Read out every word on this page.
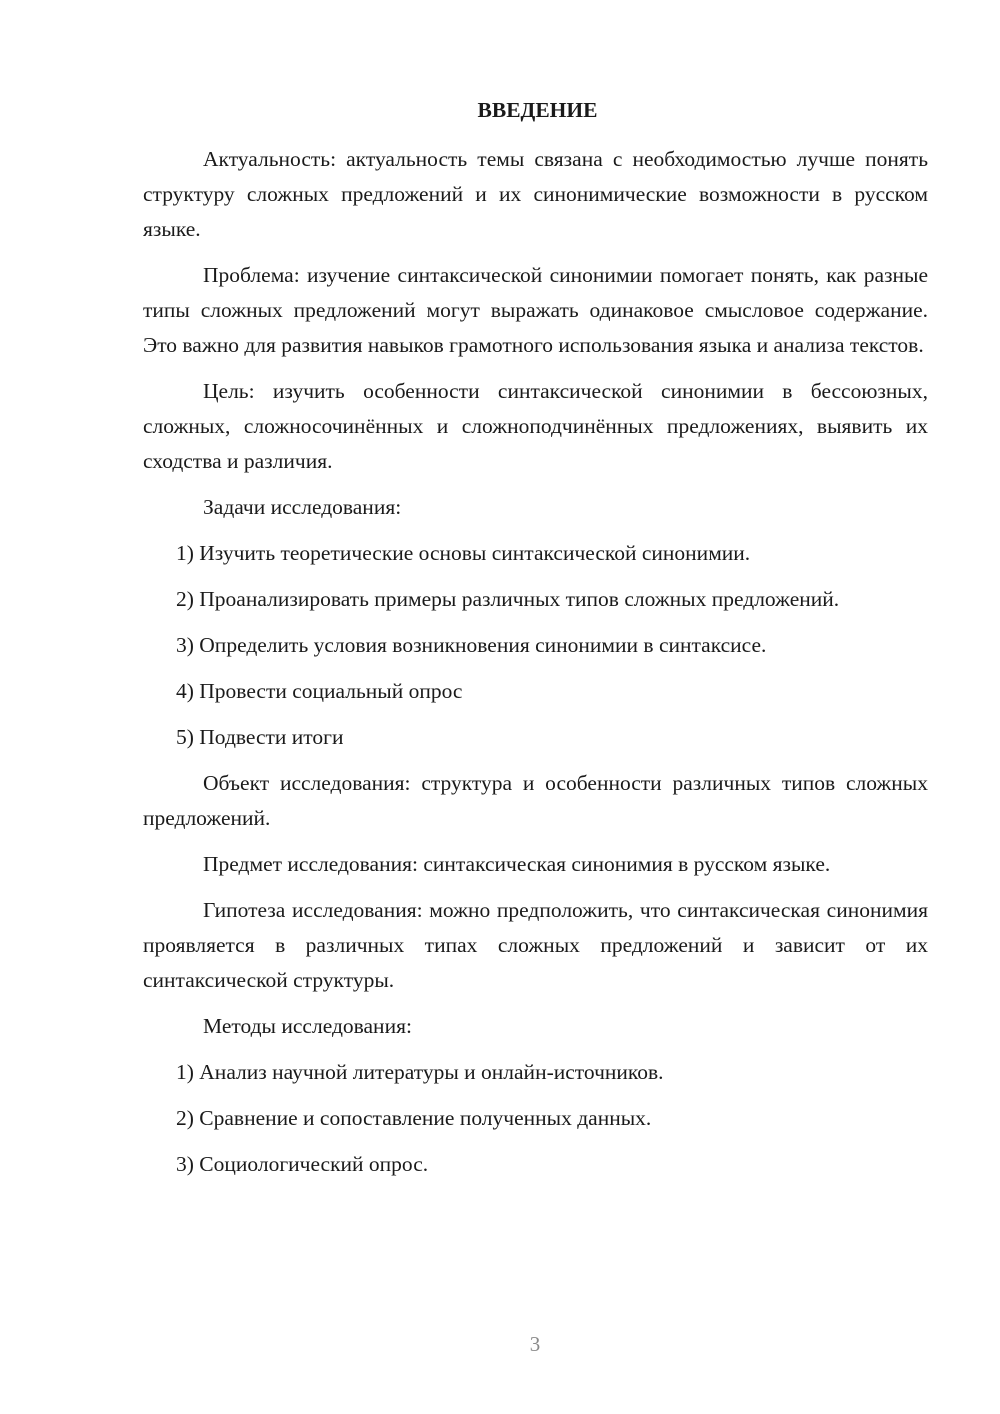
ВВЕДЕНИЕ

Актуальность: актуальность темы связана с необходимостью лучше понять структуру сложных предложений и их синонимические возможности в русском языке.

Проблема: изучение синтаксической синонимии помогает понять, как разные типы сложных предложений могут выражать одинаковое смысловое содержание. Это важно для развития навыков грамотного использования языка и анализа текстов.

Цель: изучить особенности синтаксической синонимии в бессоюзных, сложных, сложносочинённых и сложноподчинённых предложениях, выявить их сходства и различия.

Задачи исследования:

1) Изучить теоретические основы синтаксической синонимии.

2) Проанализировать примеры различных типов сложных предложений.

3) Определить условия возникновения синонимии в синтаксисе.

4) Провести социальный опрос

5) Подвести итоги

Объект исследования: структура и особенности различных типов сложных предложений.

Предмет исследования: синтаксическая синонимия в русском языке.

Гипотеза исследования: можно предположить, что синтаксическая синонимия проявляется в различных типах сложных предложений и зависит от их синтаксической структуры.

Методы исследования:

1) Анализ научной литературы и онлайн-источников.

2) Сравнение и сопоставление полученных данных.

3) Социологический опрос.

3
